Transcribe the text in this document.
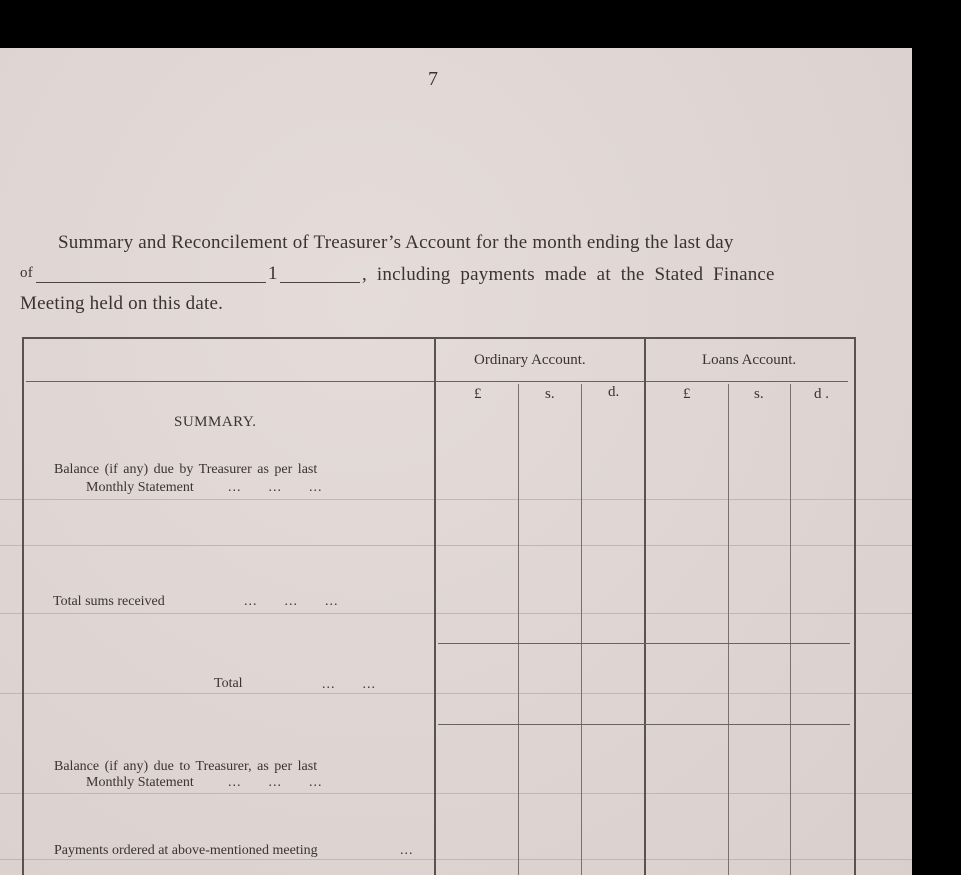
7
Summary and Reconcilement of Treasurer’s Account for the month ending the last day
of	1	, including payments made at the Stated Finance
Meeting held on this date.
Ordinary Account.	Loans Account.
£	s.	d.	£	s.	d .
SUMMARY.
Balance (if any) due by Treasurer as per last
Monthly Statement ...      ...      ...
Total sums received	...      ...      ...
Total	...      ...
Balance (if any) due to Treasurer, as per last
Monthly Statement ...      ...      ...
Payments ordered at above-mentioned meeting	...
